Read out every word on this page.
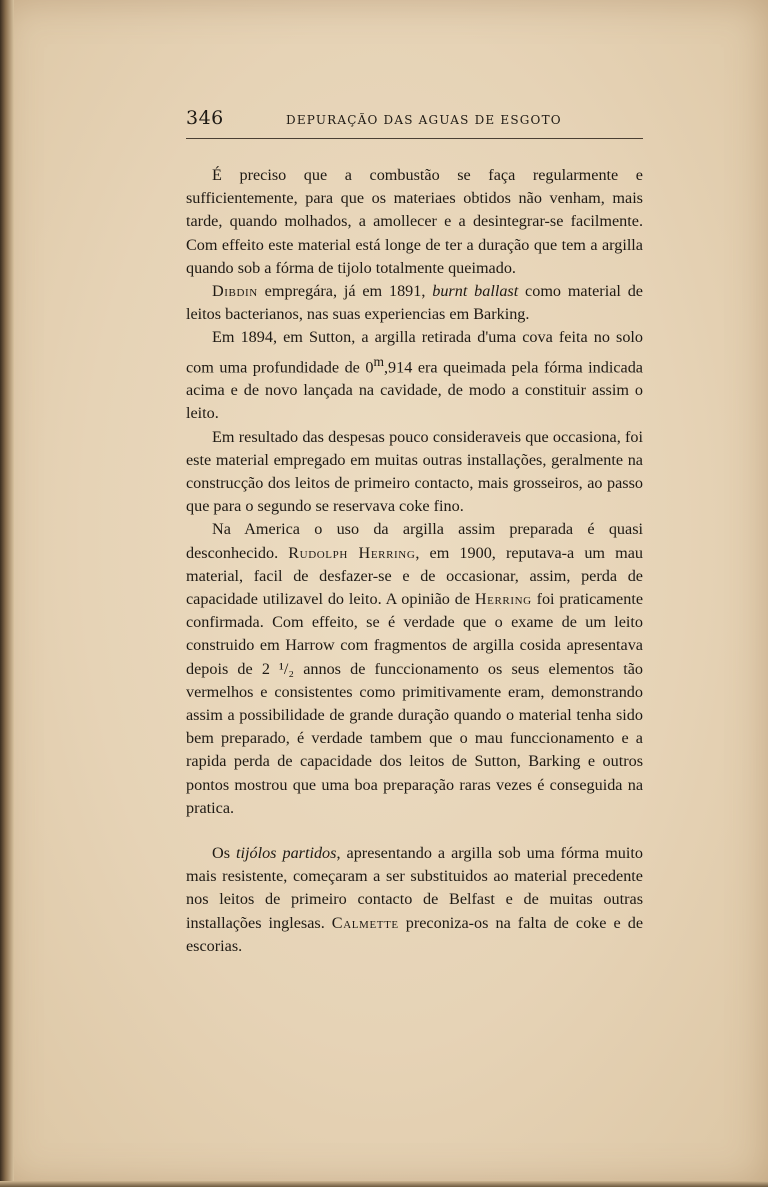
346	DEPURAÇÃO DAS AGUAS DE ESGOTO

É preciso que a combustão se faça regularmente e sufficientemente, para que os materiaes obtidos não venham, mais tarde, quando molhados, a amollecer e a desintegrar-se facilmente. Com effeito este material está longe de ter a duração que tem a argilla quando sob a fórma de tijolo totalmente queimado.

Dibdin empregára, já em 1891, burnt ballast como material de leitos bacterianos, nas suas experiencias em Barking.

Em 1894, em Sutton, a argilla retirada d'uma cova feita no solo com uma profundidade de 0$^m$,914 era queimada pela fórma indicada acima e de novo lançada na cavidade, de modo a constituir assim o leito.

Em resultado das despesas pouco consideraveis que occasiona, foi este material empregado em muitas outras installações, geralmente na construcção dos leitos de primeiro contacto, mais grosseiros, ao passo que para o segundo se reservava coke fino.

Na America o uso da argilla assim preparada é quasi desconhecido. Rudolph Herring, em 1900, reputava-a um mau material, facil de desfazer-se e de occasionar, assim, perda de capacidade utilizavel do leito. A opinião de Herring foi praticamente confirmada. Com effeito, se é verdade que o exame de um leito construido em Harrow com fragmentos de argilla cosida apresentava depois de 2 ¹/₂ annos de funccionamento os seus elementos tão vermelhos e consistentes como primitivamente eram, demonstrando assim a possibilidade de grande duração quando o material tenha sido bem preparado, é verdade tambem que o mau funccionamento e a rapida perda de capacidade dos leitos de Sutton, Barking e outros pontos mostrou que uma boa preparação raras vezes é conseguida na pratica.

Os tijólos partidos, apresentando a argilla sob uma fórma muito mais resistente, começaram a ser substituidos ao material precedente nos leitos de primeiro contacto de Belfast e de muitas outras installações inglesas. Calmette preconiza-os na falta de coke e de escorias.
